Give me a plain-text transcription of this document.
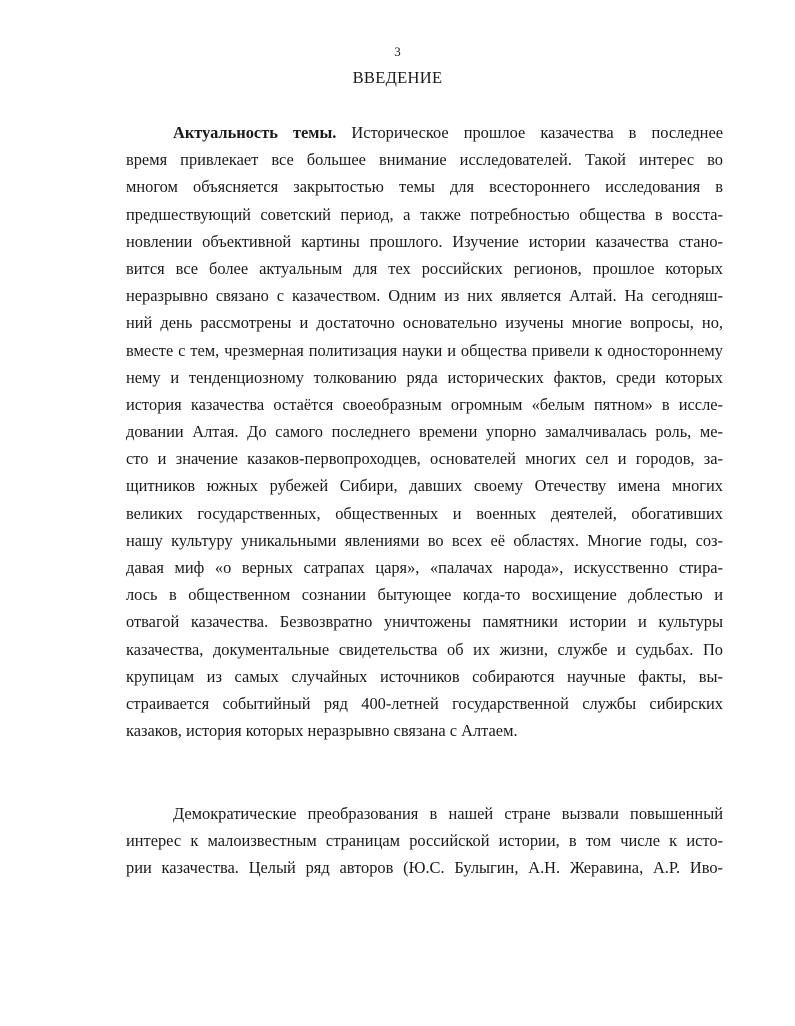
3
ВВЕДЕНИЕ
Актуальность темы. Историческое прошлое казачества в последнее
время привлекает все большее внимание исследователей. Такой интерес во
многом объясняется закрытостью темы для всестороннего исследования в
предшествующий советский период, а также потребностью общества в восста-
новлении объективной картины прошлого. Изучение истории казачества стано-
вится все более актуальным для тех российских регионов, прошлое которых
неразрывно связано с казачеством. Одним из них является Алтай. На сегодняш-
ний день рассмотрены и достаточно основательно изучены многие вопросы, но,
вместе с тем, чрезмерная политизация науки и общества привели к одностороннему
нему и тенденциозному толкованию ряда исторических фактов, среди которых
история казачества остаётся своеобразным огромным «белым пятном» в иссле-
довании Алтая. До самого последнего времени упорно замалчивалась роль, ме-
сто и значение казаков-первопроходцев, основателей многих сел и городов, за-
щитников южных рубежей Сибири, давших своему Отечеству имена многих
великих государственных, общественных и военных деятелей, обогативших
нашу культуру уникальными явлениями во всех её областях. Многие годы, соз-
давая миф «о верных сатрапах царя», «палачах народа», искусственно стира-
лось в общественном сознании бытующее когда-то восхищение доблестью и
отвагой казачества. Безвозвратно уничтожены памятники истории и культуры
казачества, документальные свидетельства об их жизни, службе и судьбах. По
крупицам из самых случайных источников собираются научные факты, вы-
страивается событийный ряд 400-летней государственной службы сибирских
казаков, история которых неразрывно связана с Алтаем.
Демократические преобразования в нашей стране вызвали повышенный
интерес к малоизвестным страницам российской истории, в том числе к исто-
рии казачества. Целый ряд авторов (Ю.С. Булыгин, А.Н. Жеравина, А.Р. Иво-
